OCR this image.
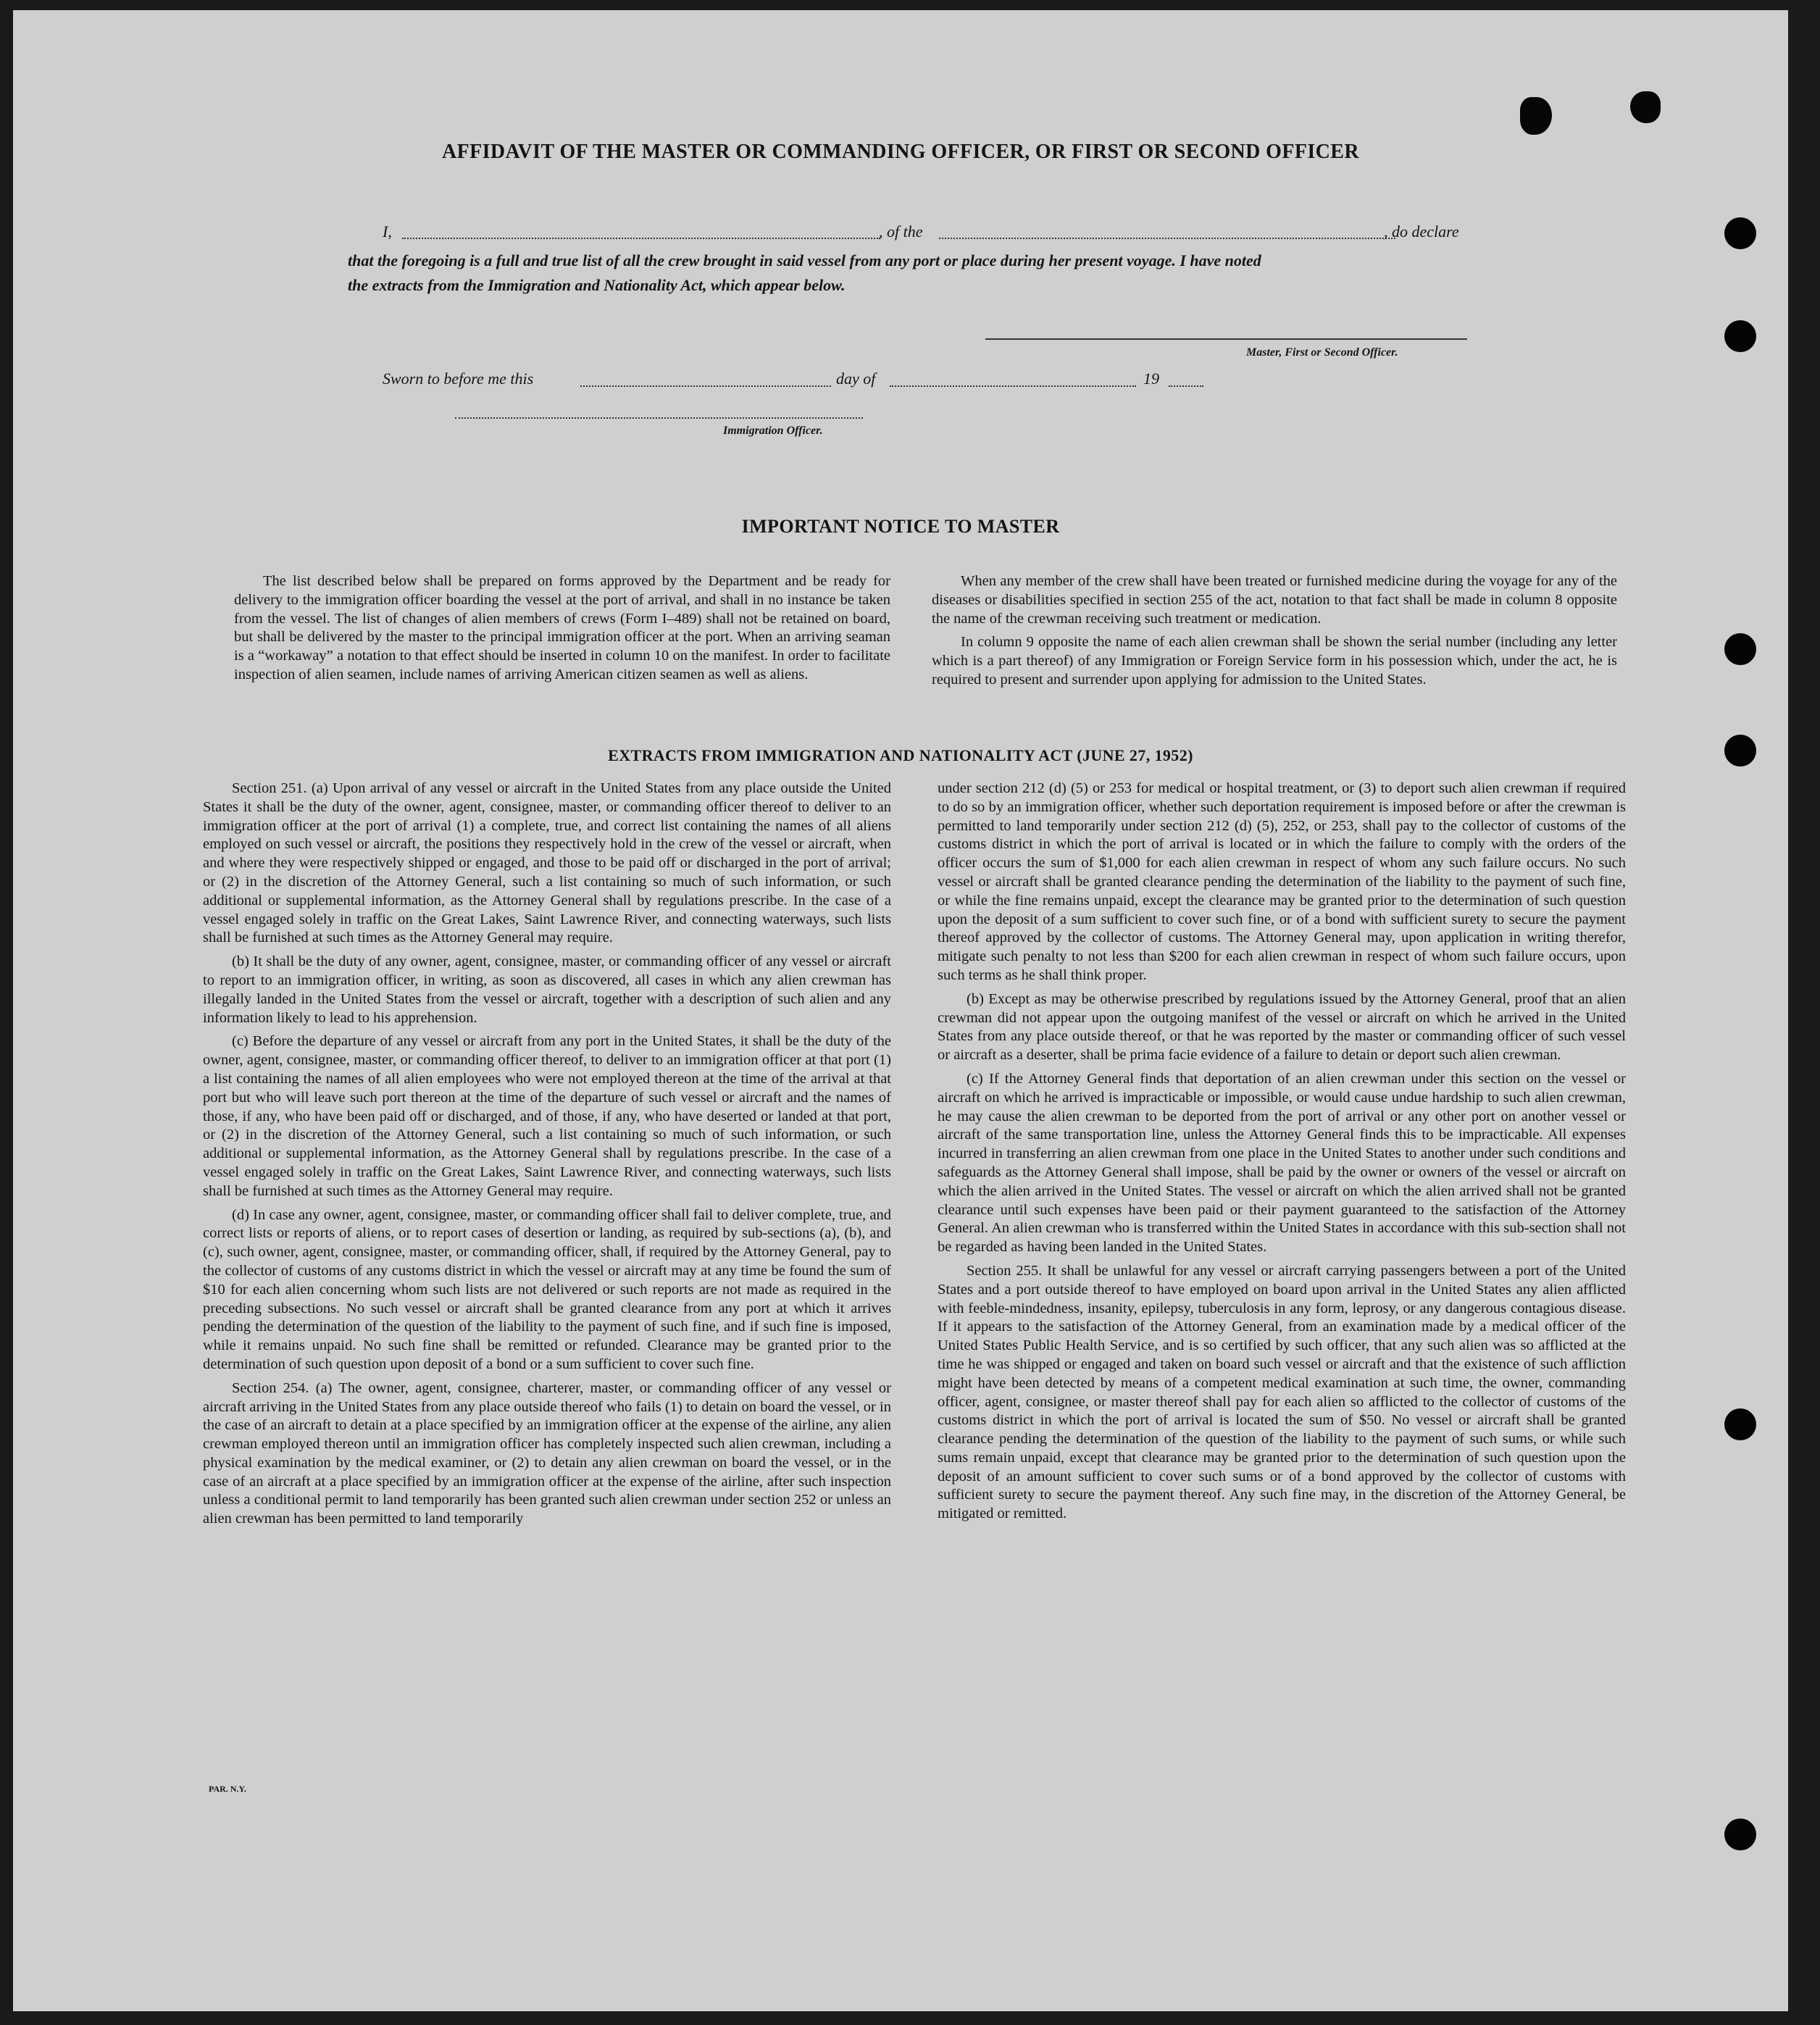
AFFIDAVIT OF THE MASTER OR COMMANDING OFFICER, OR FIRST OR SECOND OFFICER
I,	, of the	, do declare
that the foregoing is a full and true list of all the crew brought in said vessel from any port or place during her present voyage. I have noted
the extracts from the Immigration and Nationality Act, which appear below.
Master, First or Second Officer.
Sworn to before me this	day of	19
Immigration Officer.
IMPORTANT NOTICE TO MASTER

The list described below shall be prepared on forms approved by the Department and be ready for delivery to the immigration officer boarding the vessel at the port of arrival, and shall in no instance be taken from the vessel. The list of changes of alien members of crews (Form I–489) shall not be retained on board, but shall be delivered by the master to the principal immigration officer at the port. When an arriving seaman is a “workaway” a notation to that effect should be inserted in column 10 on the manifest. In order to facilitate inspection of alien seamen, include names of arriving American citizen seamen as well as aliens.

When any member of the crew shall have been treated or furnished medicine during the voyage for any of the diseases or disabilities specified in section 255 of the act, notation to that fact shall be made in column 8 opposite the name of the crewman receiving such treatment or medication.

In column 9 opposite the name of each alien crewman shall be shown the serial number (including any letter which is a part thereof) of any Immigration or Foreign Service form in his possession which, under the act, he is required to present and surrender upon applying for admission to the United States.

EXTRACTS FROM IMMIGRATION AND NATIONALITY ACT (JUNE 27, 1952)

Section 251. (a) Upon arrival of any vessel or aircraft in the United States from any place outside the United States it shall be the duty of the owner, agent, consignee, master, or commanding officer thereof to deliver to an immigration officer at the port of arrival (1) a complete, true, and correct list containing the names of all aliens employed on such vessel or aircraft, the positions they respectively hold in the crew of the vessel or aircraft, when and where they were respectively shipped or engaged, and those to be paid off or discharged in the port of arrival; or (2) in the discretion of the Attorney General, such a list containing so much of such information, or such additional or supplemental information, as the Attorney General shall by regulations prescribe. In the case of a vessel engaged solely in traffic on the Great Lakes, Saint Lawrence River, and connecting waterways, such lists shall be furnished at such times as the Attorney General may require.

(b) It shall be the duty of any owner, agent, consignee, master, or commanding officer of any vessel or aircraft to report to an immigration officer, in writing, as soon as discovered, all cases in which any alien crewman has illegally landed in the United States from the vessel or aircraft, together with a description of such alien and any information likely to lead to his apprehension.

(c) Before the departure of any vessel or aircraft from any port in the United States, it shall be the duty of the owner, agent, consignee, master, or commanding officer thereof, to deliver to an immigration officer at that port (1) a list containing the names of all alien employees who were not employed thereon at the time of the arrival at that port but who will leave such port thereon at the time of the departure of such vessel or aircraft and the names of those, if any, who have been paid off or discharged, and of those, if any, who have deserted or landed at that port, or (2) in the discretion of the Attorney General, such a list containing so much of such information, or such additional or supplemental information, as the Attorney General shall by regulations prescribe. In the case of a vessel engaged solely in traffic on the Great Lakes, Saint Lawrence River, and connecting waterways, such lists shall be furnished at such times as the Attorney General may require.

(d) In case any owner, agent, consignee, master, or commanding officer shall fail to deliver complete, true, and correct lists or reports of aliens, or to report cases of desertion or landing, as required by sub-sections (a), (b), and (c), such owner, agent, consignee, master, or commanding officer, shall, if required by the Attorney General, pay to the collector of customs of any customs district in which the vessel or aircraft may at any time be found the sum of $10 for each alien concerning whom such lists are not delivered or such reports are not made as required in the preceding subsections. No such vessel or aircraft shall be granted clearance from any port at which it arrives pending the determination of the question of the liability to the payment of such fine, and if such fine is imposed, while it remains unpaid. No such fine shall be remitted or refunded. Clearance may be granted prior to the determination of such question upon deposit of a bond or a sum sufficient to cover such fine.

Section 254. (a) The owner, agent, consignee, charterer, master, or commanding officer of any vessel or aircraft arriving in the United States from any place outside thereof who fails (1) to detain on board the vessel, or in the case of an aircraft to detain at a place specified by an immigration officer at the expense of the airline, any alien crewman employed thereon until an immigration officer has completely inspected such alien crewman, including a physical examination by the medical examiner, or (2) to detain any alien crewman on board the vessel, or in the case of an aircraft at a place specified by an immigration officer at the expense of the airline, after such inspection unless a conditional permit to land temporarily has been granted such alien crewman under section 252 or unless an alien crewman has been permitted to land temporarily

under section 212 (d) (5) or 253 for medical or hospital treatment, or (3) to deport such alien crewman if required to do so by an immigration officer, whether such deportation requirement is imposed before or after the crewman is permitted to land temporarily under section 212 (d) (5), 252, or 253, shall pay to the collector of customs of the customs district in which the port of arrival is located or in which the failure to comply with the orders of the officer occurs the sum of $1,000 for each alien crewman in respect of whom any such failure occurs. No such vessel or aircraft shall be granted clearance pending the determination of the liability to the payment of such fine, or while the fine remains unpaid, except the clearance may be granted prior to the determination of such question upon the deposit of a sum sufficient to cover such fine, or of a bond with sufficient surety to secure the payment thereof approved by the collector of customs. The Attorney General may, upon application in writing therefor, mitigate such penalty to not less than $200 for each alien crewman in respect of whom such failure occurs, upon such terms as he shall think proper.

(b) Except as may be otherwise prescribed by regulations issued by the Attorney General, proof that an alien crewman did not appear upon the outgoing manifest of the vessel or aircraft on which he arrived in the United States from any place outside thereof, or that he was reported by the master or commanding officer of such vessel or aircraft as a deserter, shall be prima facie evidence of a failure to detain or deport such alien crewman.

(c) If the Attorney General finds that deportation of an alien crewman under this section on the vessel or aircraft on which he arrived is impracticable or impossible, or would cause undue hardship to such alien crewman, he may cause the alien crewman to be deported from the port of arrival or any other port on another vessel or aircraft of the same transportation line, unless the Attorney General finds this to be impracticable. All expenses incurred in transferring an alien crewman from one place in the United States to another under such conditions and safeguards as the Attorney General shall impose, shall be paid by the owner or owners of the vessel or aircraft on which the alien arrived in the United States. The vessel or aircraft on which the alien arrived shall not be granted clearance until such expenses have been paid or their payment guaranteed to the satisfaction of the Attorney General. An alien crewman who is transferred within the United States in accordance with this sub-section shall not be regarded as having been landed in the United States.

Section 255. It shall be unlawful for any vessel or aircraft carrying passengers between a port of the United States and a port outside thereof to have employed on board upon arrival in the United States any alien afflicted with feeble-mindedness, insanity, epilepsy, tuberculosis in any form, leprosy, or any dangerous contagious disease. If it appears to the satisfaction of the Attorney General, from an examination made by a medical officer of the United States Public Health Service, and is so certified by such officer, that any such alien was so afflicted at the time he was shipped or engaged and taken on board such vessel or aircraft and that the existence of such affliction might have been detected by means of a competent medical examination at such time, the owner, commanding officer, agent, consignee, or master thereof shall pay for each alien so afflicted to the collector of customs of the customs district in which the port of arrival is located the sum of $50. No vessel or aircraft shall be granted clearance pending the determination of the question of the liability to the payment of such sums, or while such sums remain unpaid, except that clearance may be granted prior to the determination of such question upon the deposit of an amount sufficient to cover such sums or of a bond approved by the collector of customs with sufficient surety to secure the payment thereof. Any such fine may, in the discretion of the Attorney General, be mitigated or remitted.

PAR. N.Y.
